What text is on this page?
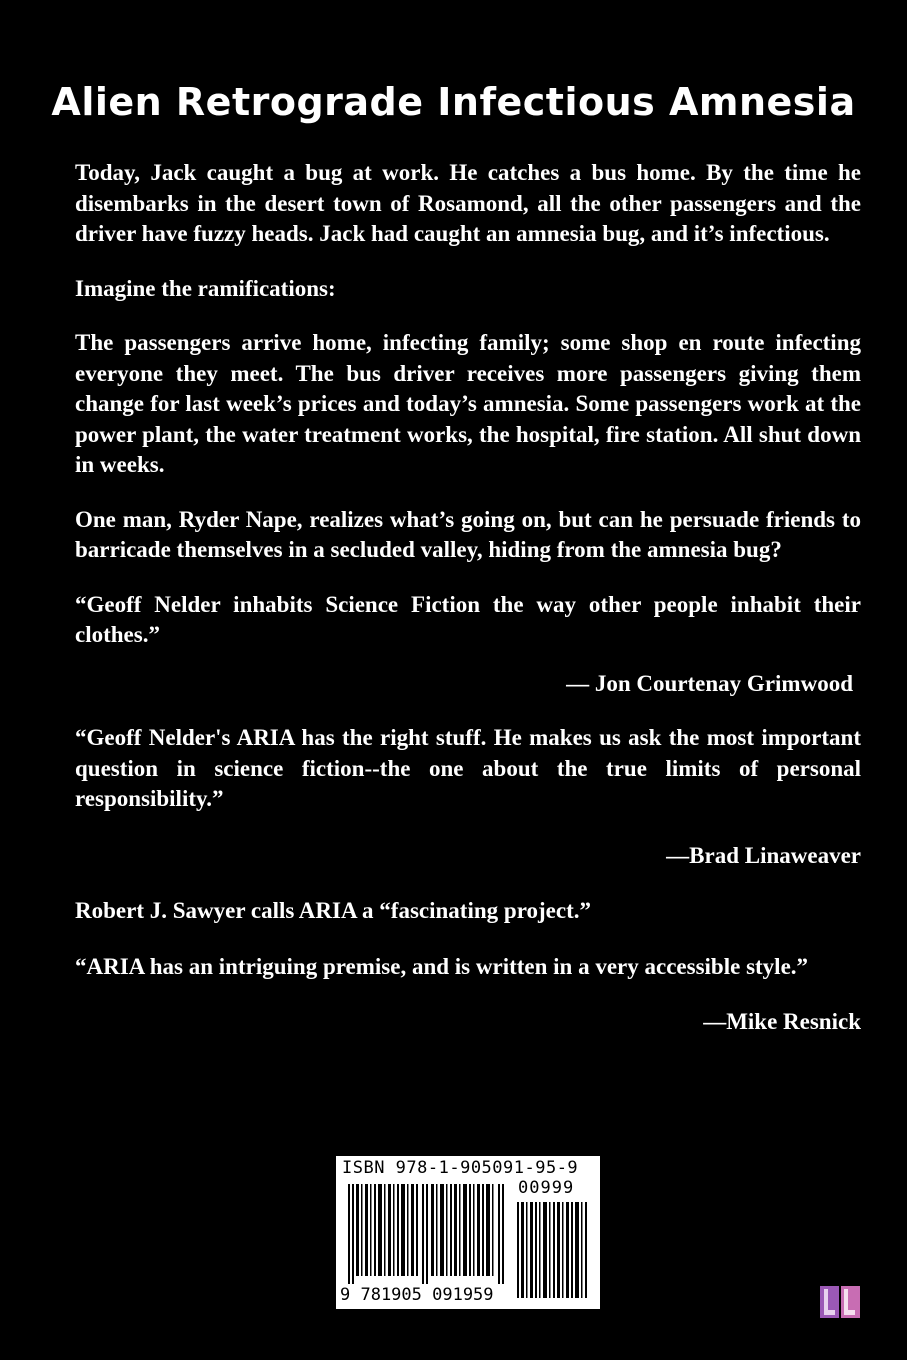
Alien Retrograde Infectious Amnesia

Today, Jack caught a bug at work. He catches a bus home. By the time he disembarks in the desert town of Rosamond, all the other passengers and the driver have fuzzy heads. Jack had caught an amnesia bug, and it’s infectious.

Imagine the ramifications:

The passengers arrive home, infecting family; some shop en route infecting everyone they meet. The bus driver receives more passengers giving them change for last week’s prices and today’s amnesia. Some passengers work at the power plant, the water treatment works, the hospital, fire station. All shut down in weeks.

One man, Ryder Nape, realizes what’s going on, but can he persuade friends to barricade themselves in a secluded valley, hiding from the amnesia bug?

“Geoff Nelder inhabits Science Fiction the way other people inhabit their clothes.”

— Jon Courtenay Grimwood

“Geoff Nelder's ARIA has the right stuff. He makes us ask the most important question in science fiction--the one about the true limits of personal responsibility.”

—Brad Linaweaver

Robert J. Sawyer calls ARIA a “fascinating project.”

“ARIA has an intriguing premise, and is written in a very accessible style.”

—Mike Resnick
ISBN 978-1-905091-95-9
00999
9 781905 091959
